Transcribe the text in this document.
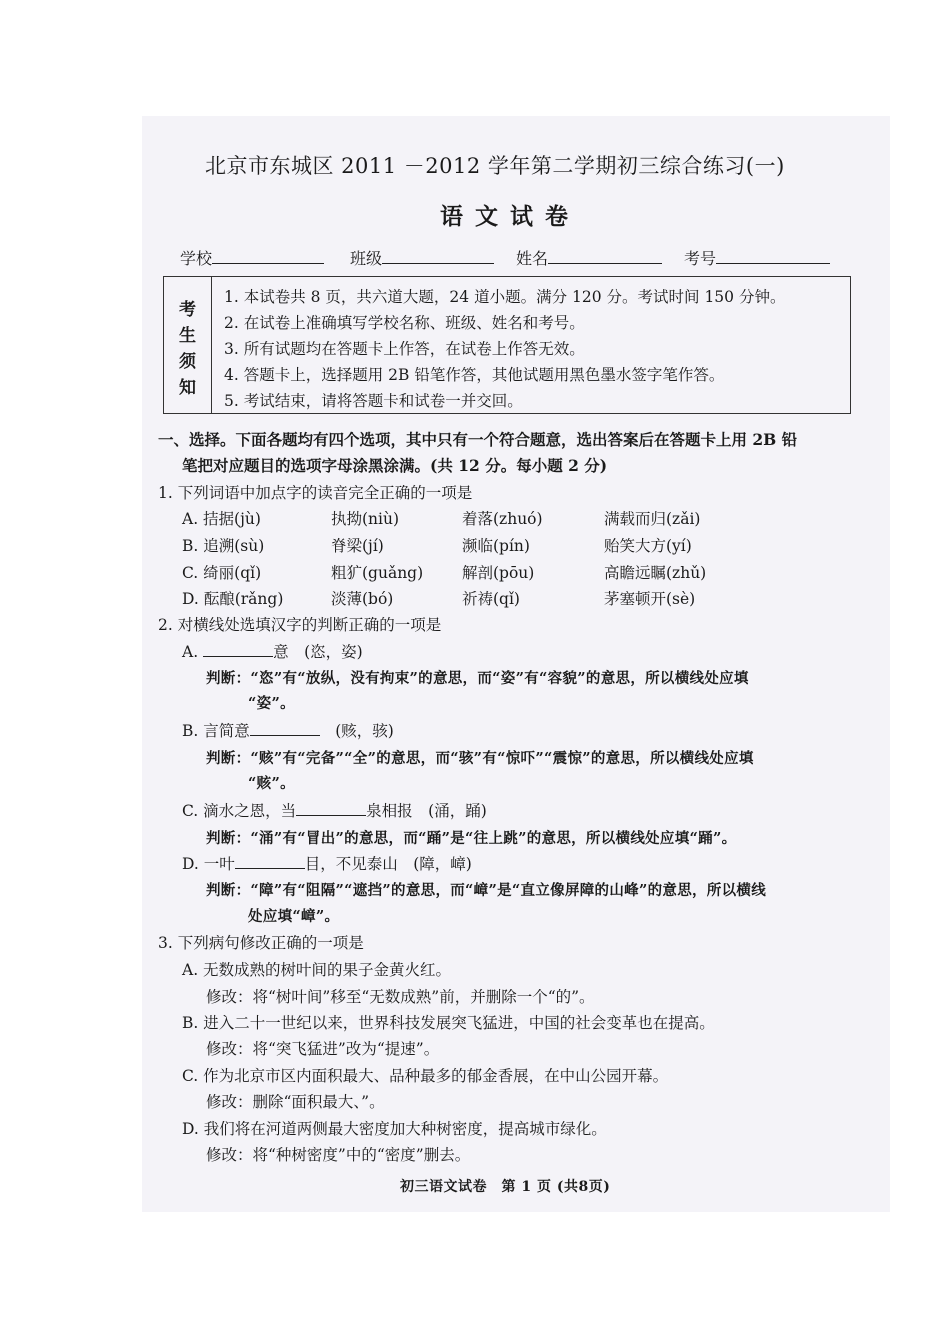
北京市东城区 2011 －2012 学年第二学期初三综合练习(一)
语文试卷
学校	班级	姓名	考号
考
生
须
知
1. 本试卷共 8 页，共六道大题，24 道小题。满分 120 分。考试时间 150 分钟。
2. 在试卷上准确填写学校名称、班级、姓名和考号。
3. 所有试题均在答题卡上作答，在试卷上作答无效。
4. 答题卡上，选择题用 2B 铅笔作答，其他试题用黑色墨水签字笔作答。
5. 考试结束，请将答题卡和试卷一并交回。
一、选择。下面各题均有四个选项，其中只有一个符合题意，选出答案后在答题卡上用 2B 铅
笔把对应题目的选项字母涂黑涂满。(共 12 分。每小题 2 分)
1. 下列词语中加点字的读音完全正确的一项是
A. 拮据(jù)	执拗(niù)	着落(zhuó)	满载而归(zǎi)
B. 追溯(sù)	脊梁(jí)	濒临(pín)	贻笑大方(yí)
C. 绮丽(qǐ)	粗犷(guǎng)	解剖(pōu)	高瞻远瞩(zhǔ)
D. 酝酿(rǎng)	淡薄(bó)	祈祷(qǐ)	茅塞顿开(sè)
2. 对横线处选填汉字的判断正确的一项是
A.	意　(恣，姿)
判断：“恣”有“放纵，没有拘束”的意思，而“姿”有“容貌”的意思，所以横线处应填
“姿”。
B. 言简意	　(赅，骇)
判断：“赅”有“完备”“全”的意思，而“骇”有“惊吓”“震惊”的意思，所以横线处应填
“赅”。
C. 滴水之恩，当	泉相报　(涌，踊)
判断：“涌”有“冒出”的意思，而“踊”是“往上跳”的意思，所以横线处应填“踊”。
D. 一叶	目，不见泰山　(障，嶂)
判断：“障”有“阻隔”“遮挡”的意思，而“嶂”是“直立像屏障的山峰”的意思，所以横线
处应填“嶂”。
3. 下列病句修改正确的一项是
A. 无数成熟的树叶间的果子金黄火红。
修改：将“树叶间”移至“无数成熟”前，并删除一个“的”。
B. 进入二十一世纪以来，世界科技发展突飞猛进，中国的社会变革也在提高。
修改：将“突飞猛进”改为“提速”。
C. 作为北京市区内面积最大、品种最多的郁金香展，在中山公园开幕。
修改：删除“面积最大、”。
D. 我们将在河道两侧最大密度加大种树密度，提高城市绿化。
修改：将“种树密度”中的“密度”删去。
初三语文试卷　第 1 页 (共8页)
